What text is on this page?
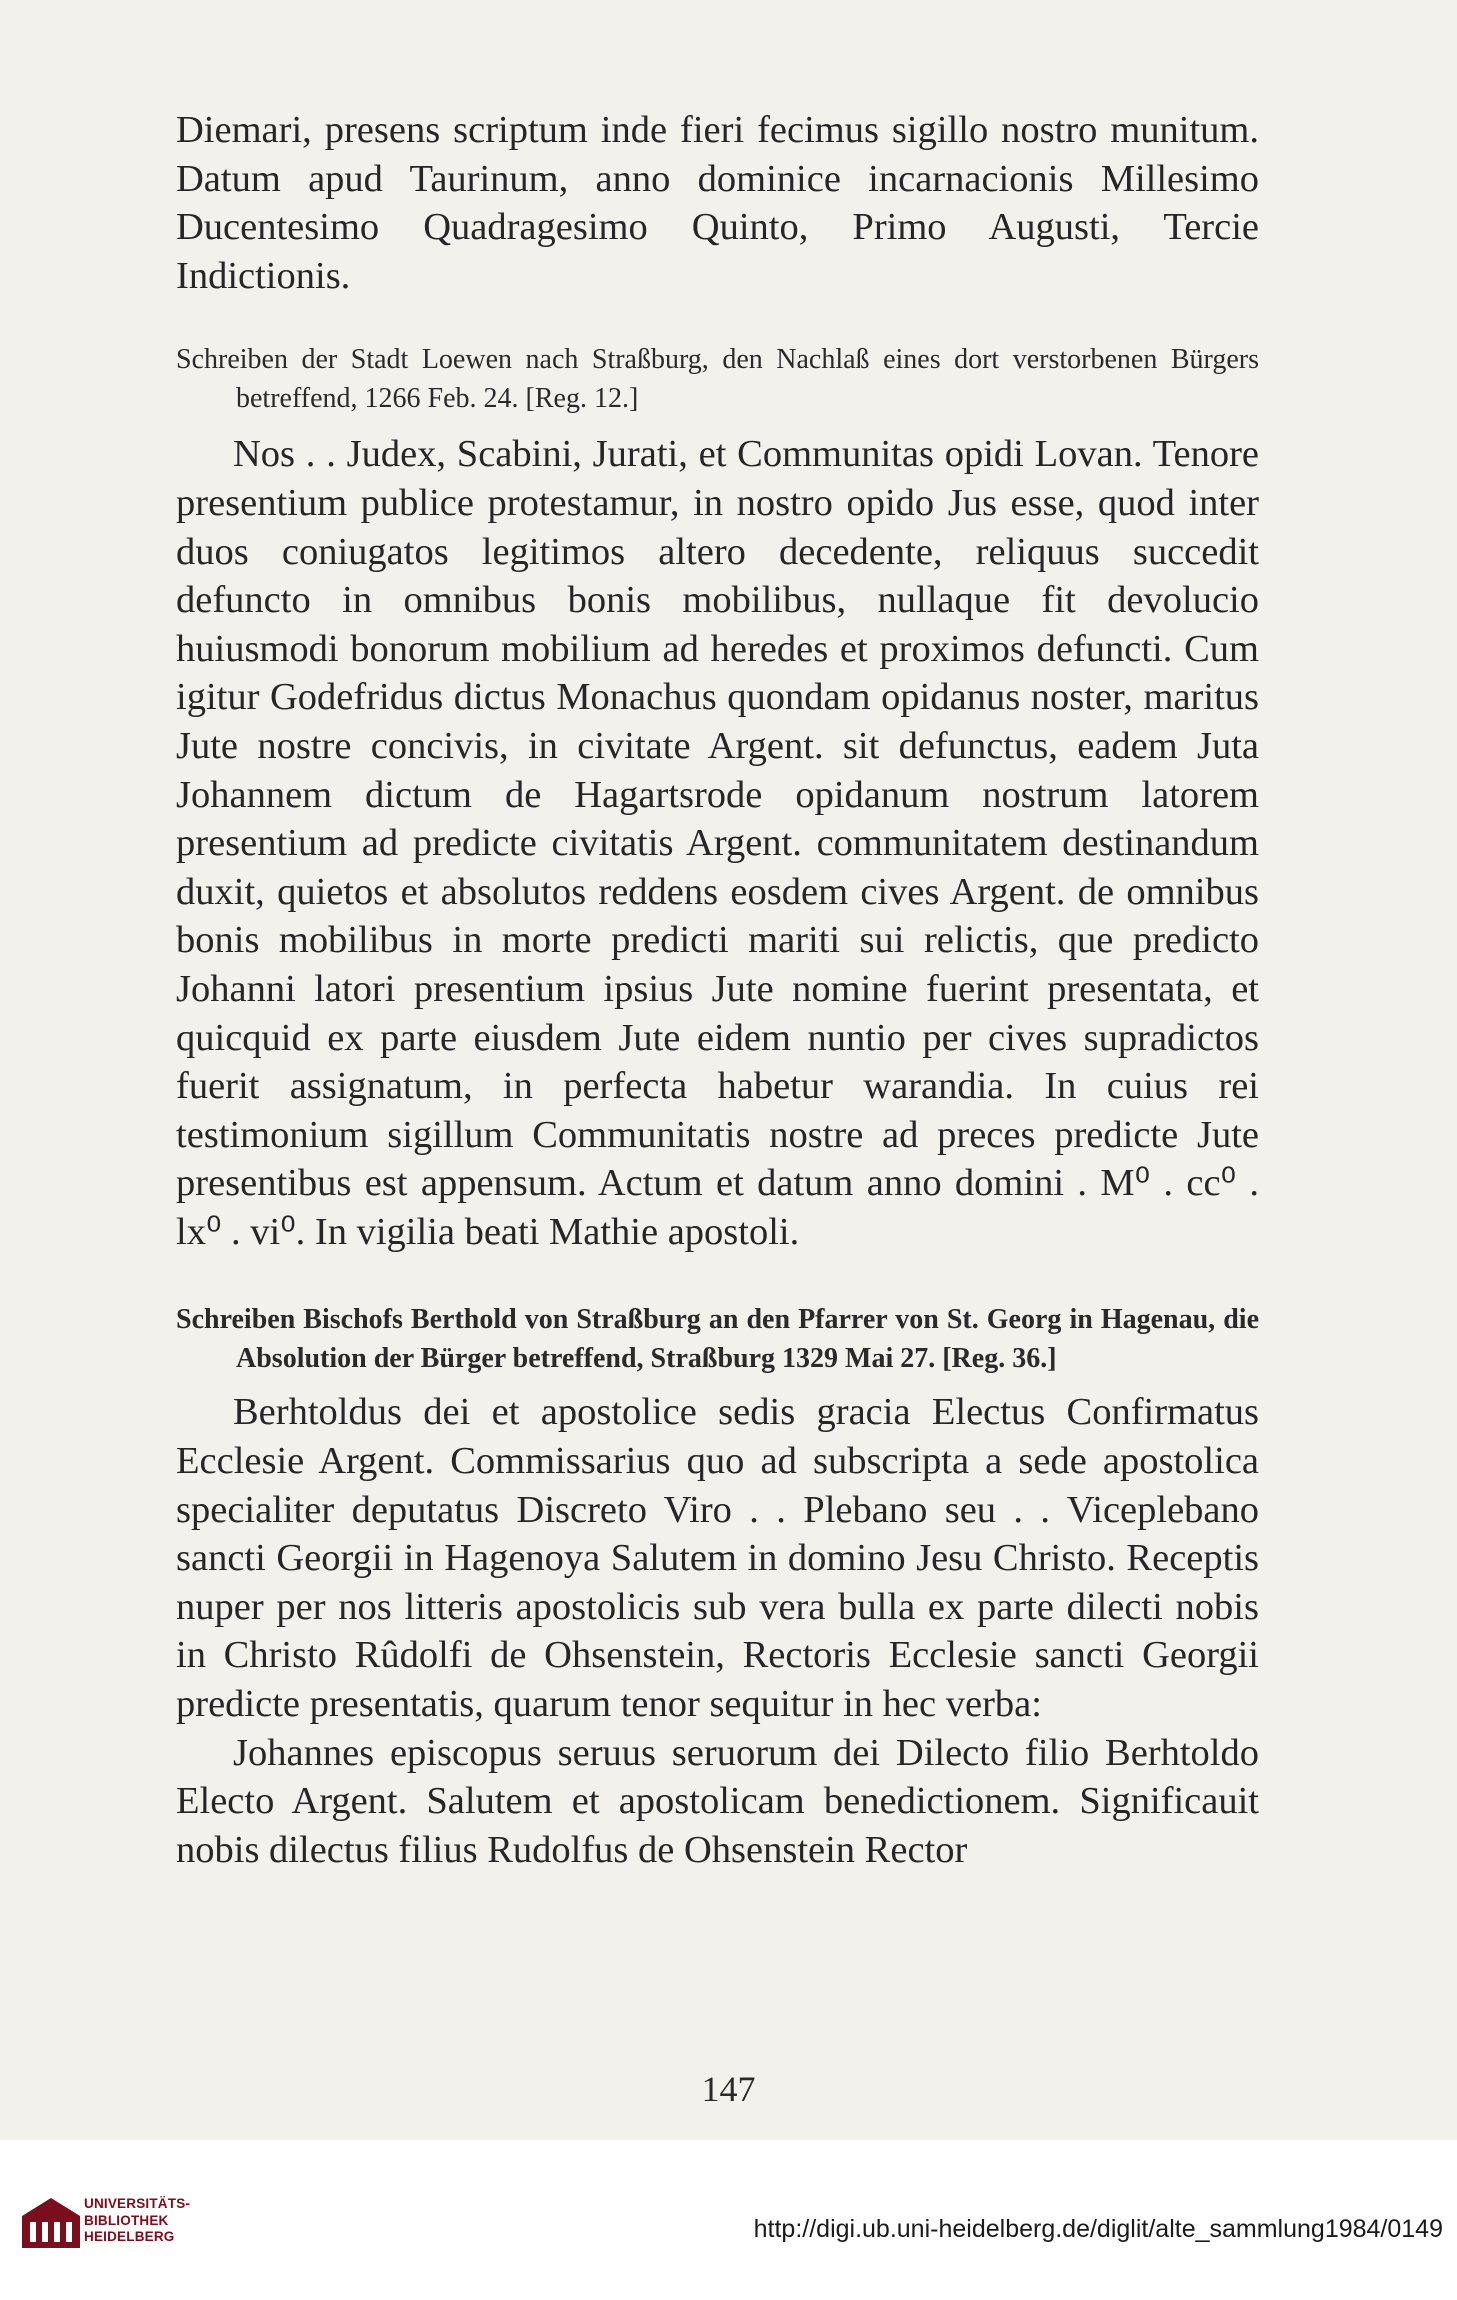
Diemari, presens scriptum inde fieri fecimus sigillo nostro munitum. Datum apud Taurinum, anno dominice incarnacionis Millesimo Ducentesimo Quadragesimo Quinto, Primo Augusti, Tercie Indictionis.

Schreiben der Stadt Loewen nach Straßburg, den Nachlaß eines dort verstorbenen Bürgers betreffend, 1266 Feb. 24. [Reg. 12.]

Nos . . Judex, Scabini, Jurati, et Communitas opidi Lovan. Tenore presentium publice protestamur, in nostro opido Jus esse, quod inter duos coniugatos legitimos altero decedente, reliquus succedit defuncto in omnibus bonis mobilibus, nullaque fit devolucio huiusmodi bonorum mobilium ad heredes et proximos defuncti. Cum igitur Godefridus dictus Monachus quondam opidanus noster, maritus Jute nostre concivis, in civitate Argent. sit defunctus, eadem Juta Johannem dictum de Hagartsrode opidanum nostrum latorem presentium ad predicte civitatis Argent. communitatem destinandum duxit, quietos et absolutos reddens eosdem cives Argent. de omnibus bonis mobilibus in morte predicti mariti sui relictis, que predicto Johanni latori presentium ipsius Jute nomine fuerint presentata, et quicquid ex parte eiusdem Jute eidem nuntio per cives supradictos fuerit assignatum, in perfecta habetur warandia. In cuius rei testimonium sigillum Communitatis nostre ad preces predicte Jute presentibus est appensum. Actum et datum anno domini . M⁰ . cc⁰ . lx⁰ . vi⁰. In vigilia beati Mathie apostoli.

Schreiben Bischofs Berthold von Straßburg an den Pfarrer von St. Georg in Hagenau, die Absolution der Bürger betreffend, Straßburg 1329 Mai 27. [Reg. 36.]

Berhtoldus dei et apostolice sedis gracia Electus Confirmatus Ecclesie Argent. Commissarius quo ad subscripta a sede apostolica specialiter deputatus Discreto Viro . . Plebano seu . . Viceplebano sancti Georgii in Hagenoya Salutem in domino Jesu Christo. Receptis nuper per nos litteris apostolicis sub vera bulla ex parte dilecti nobis in Christo Rûdolfi de Ohsenstein, Rectoris Ecclesie sancti Georgii predicte presentatis, quarum tenor sequitur in hec verba:

Johannes episcopus seruus seruorum dei Dilecto filio Berhtoldo Electo Argent. Salutem et apostolicam benedictionem. Significauit nobis dilectus filius Rudolfus de Ohsenstein Rector

147
UNIVERSITÄTS-
BIBLIOTHEK
HEIDELBERG	http://digi.ub.uni-heidelberg.de/diglit/alte_sammlung1984/0149
